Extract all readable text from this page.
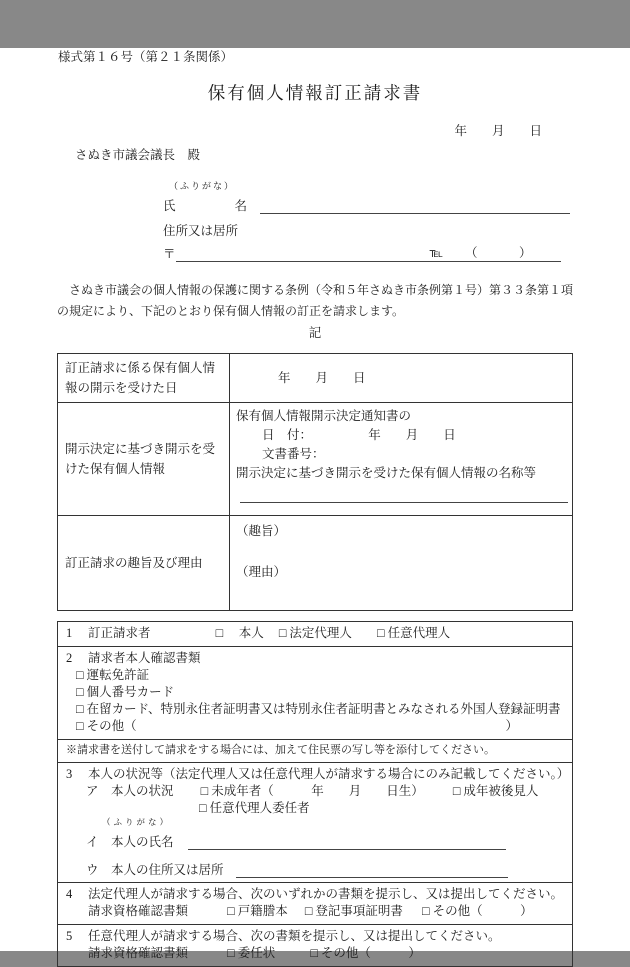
様式第１６号（第２１条関係）
保有個人情報訂正請求書
年　　月　　日
さぬき市議会議長　殿
（ふりがな）
氏	名
住所又は居所
〒	℡ （　　　）
　さぬき市議会の個人情報の保護に関する条例（令和５年さぬき市条例第１号）第３３条第１項
の規定により、下記のとおり保有個人情報の訂正を請求します。
記
訂正請求に係る保有個人情報の開示を受けた日	年　　月　　日
開示決定に基づき開示を受けた保有個人情報	保有個人情報開示決定通知書の
日　付：　　　　　年　　月　　日
文書番号：
開示決定に基づき開示を受けた保有個人情報の名称等

訂正請求の趣旨及び理由	（趣旨）
（理由）
1 訂正請求者	□　本人 □ 法定代理人 □ 任意代理人

2 請求者本人確認書類
□ 運転免許証
□ 個人番号カード
□ 在留カード、特別永住者証明書又は特別永住者証明書とみなされる外国人登録証明書
□ その他（	）

※請求書を送付して請求をする場合には、加えて住民票の写し等を添付してください。

3 本人の状況等（法定代理人又は任意代理人が請求する場合にのみ記載してください。）
ア　本人の状況 □ 未成年者（　　　年　　月　　日生） □ 成年被後見人
□ 任意代理人委任者
（ふりがな）
イ　本人の氏名
ウ　本人の住所又は居所

4 法定代理人が請求する場合、次のいずれかの書類を提示し、又は提出してください。
請求資格確認書類	□ 戸籍謄本 □ 登記事項証明書 □ その他（　　　）

5 任意代理人が請求する場合、次の書類を提示し、又は提出してください。
請求資格確認書類	□ 委任状	□ その他（　　　）
